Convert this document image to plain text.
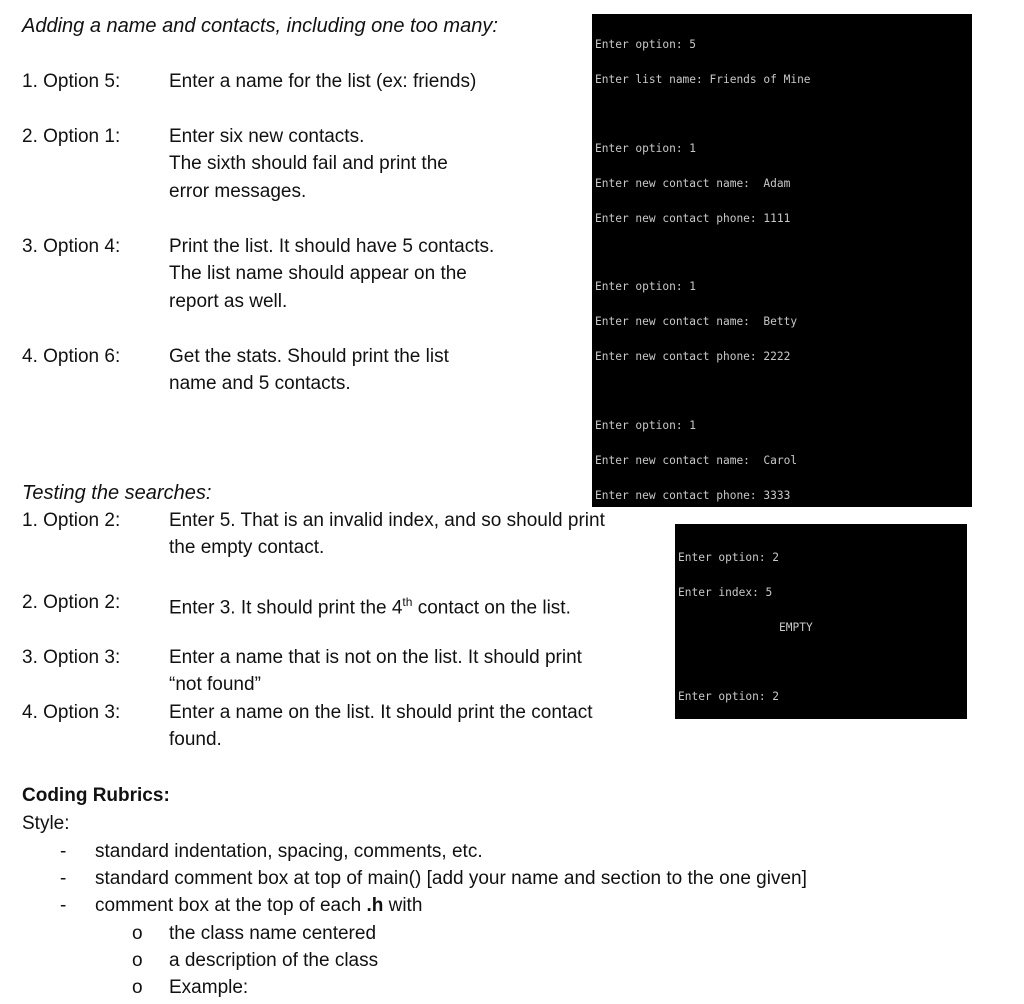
Adding a name and contacts, including one too many:
1. Option 5:	Enter a name for the list (ex: friends)
2. Option 1:	Enter six new contacts.
The sixth should fail and print the
error messages.
3. Option 4:	Print the list. It should have 5 contacts.
The list name should appear on the
report as well.
4. Option 6:	Get the stats. Should print the list
name and 5 contacts.
Testing the searches:
1. Option 2:	Enter 5. That is an invalid index, and so should print
the empty contact.
2. Option 2:	Enter 3. It should print the 4th contact on the list.
3. Option 3:	Enter a name that is not on the list. It should print
“not found”
4. Option 3:	Enter a name on the list. It should print the contact
found.
Coding Rubrics:
Style:
- standard indentation, spacing, comments, etc.
- standard comment box at top of main() [add your name and section to the one given]
- comment box at the top of each .h with
o the class name centered
o a description of the class
o Example:

Enter option: 5

Enter list name: Friends of Mine

Enter option: 1

Enter new contact name:  Adam

Enter new contact phone: 1111

Enter option: 1

Enter new contact name:  Betty

Enter new contact phone: 2222

Enter option: 1

Enter new contact name:  Carol

Enter new contact phone: 3333

Enter option: 2

Enter index: 5

EMPTY

Enter option: 2
